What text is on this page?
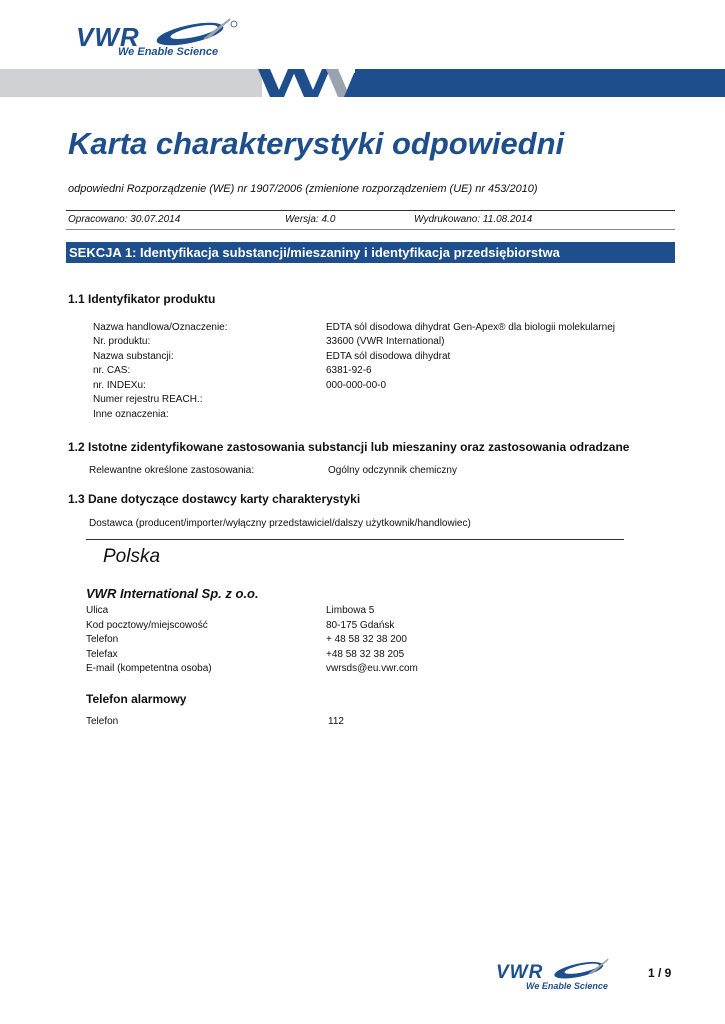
VWR
We Enable Science
Karta charakterystyki odpowiedni
odpowiedni Rozporządzenie (WE) nr 1907/2006 (zmienione rozporządzeniem (UE) nr 453/2010)
Opracowano: 30.07.2014	Wersja: 4.0	Wydrukowano: 11.08.2014
SEKCJA 1: Identyfikacja substancji/mieszaniny i identyfikacja przedsiębiorstwa
1.1 Identyfikator produktu
Nazwa handlowa/Oznaczenie:	EDTA sól disodowa dihydrat Gen-Apex® dla biologii molekularnej
Nr. produktu:	33600 (VWR International)
Nazwa substancji:	EDTA sól disodowa dihydrat
nr. CAS:	6381-92-6
nr. INDEXu:	000-000-00-0
Numer rejestru REACH.:
Inne oznaczenia:
1.2 Istotne zidentyfikowane zastosowania substancji lub mieszaniny oraz zastosowania odradzane
Relewantne określone zastosowania:	Ogólny odczynnik chemiczny
1.3 Dane dotyczące dostawcy karty charakterystyki
Dostawca (producent/importer/wyłączny przedstawiciel/dalszy użytkownik/handlowiec)
Polska
VWR International Sp. z o.o.
Ulica	Limbowa 5
Kod pocztowy/miejscowość	80-175 Gdańsk
Telefon	+ 48 58 32 38 200
Telefax	+48 58 32 38 205
E-mail (kompetentna osoba)	vwrsds@eu.vwr.com
Telefon alarmowy
Telefon	112
VWR
We Enable Science
1 / 9
